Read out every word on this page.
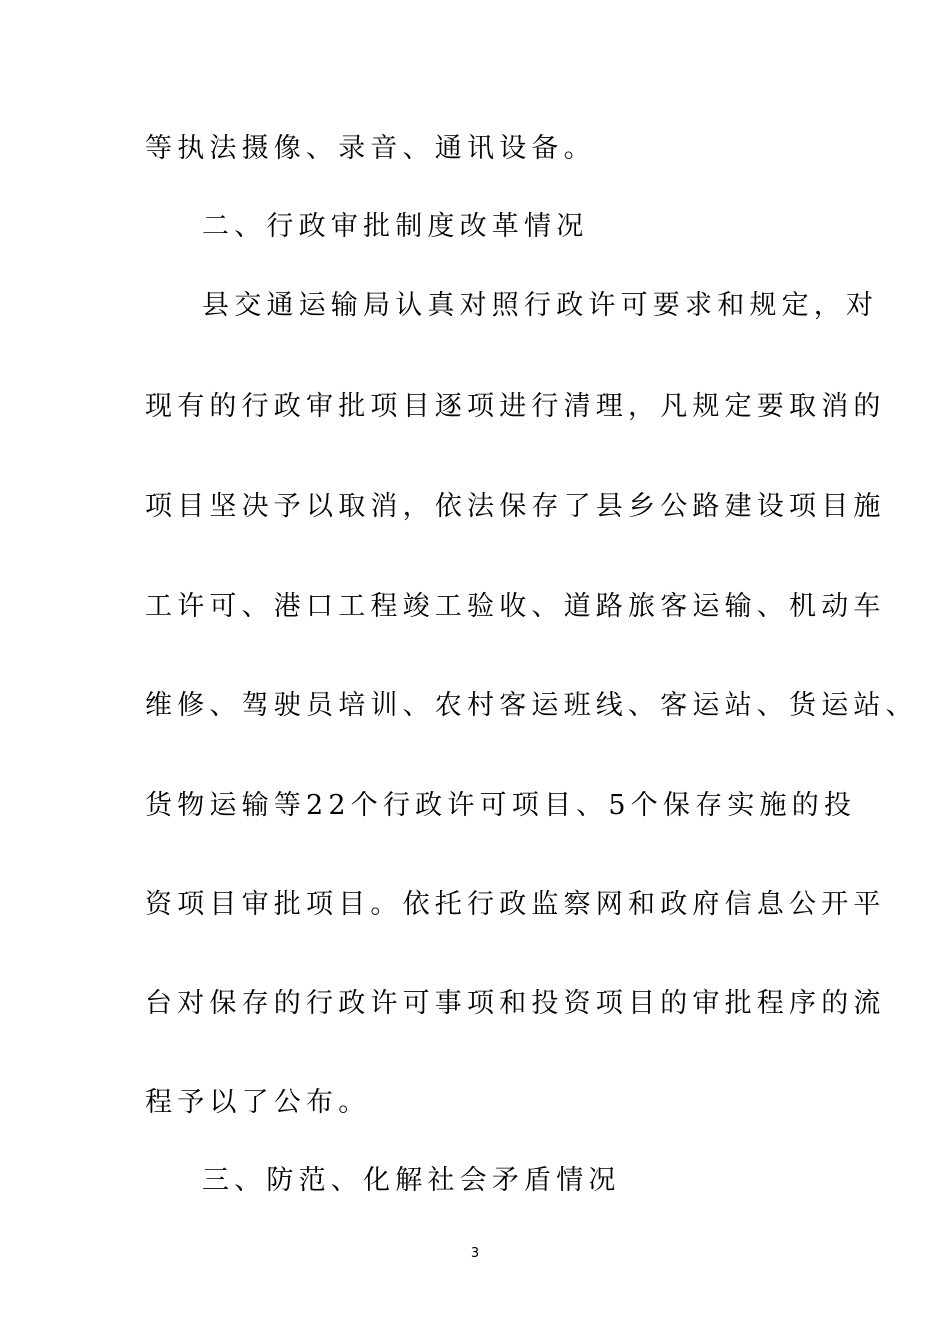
等执法摄像、录音、通讯设备。
二、行政审批制度改革情况
县交通运输局认真对照行政许可要求和规定，对
现有的行政审批项目逐项进行清理，凡规定要取消的
项目坚决予以取消，依法保存了县乡公路建设项目施
工许可、港口工程竣工验收、道路旅客运输、机动车
维修、驾驶员培训、农村客运班线、客运站、货运站、
货物运输等22个行政许可项目、5个保存实施的投
资项目审批项目。依托行政监察网和政府信息公开平
台对保存的行政许可事项和投资项目的审批程序的流
程予以了公布。
三、防范、化解社会矛盾情况
3
